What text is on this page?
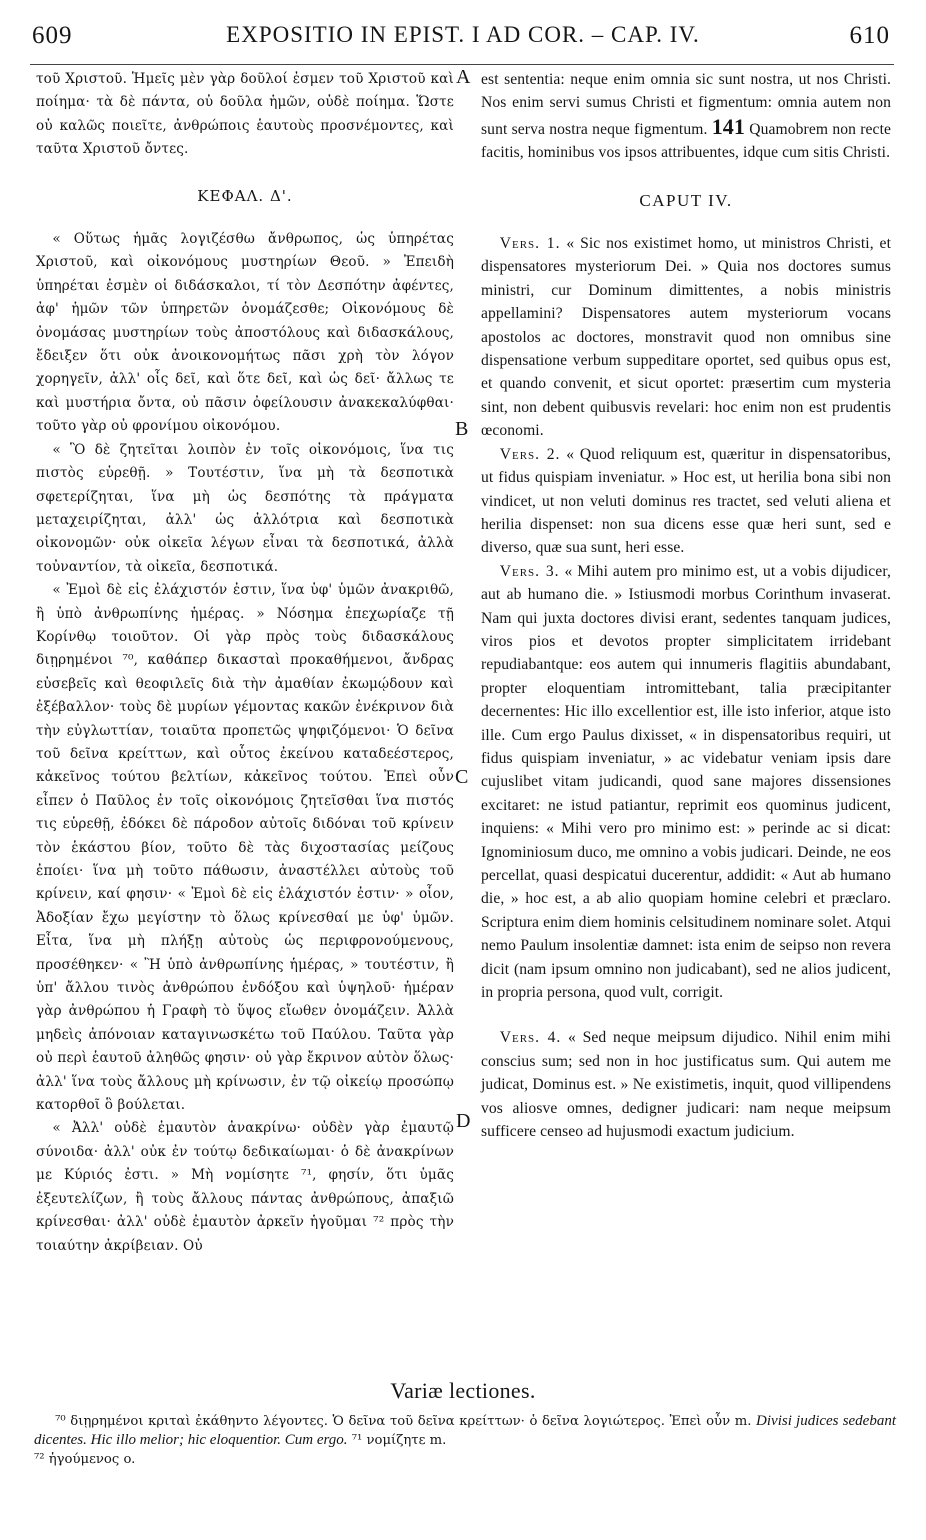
609	EXPOSITIO IN EPIST. I AD COR. – CAP. IV.	610

τοῦ Χριστοῦ. Ἡμεῖς μὲν γὰρ δοῦλοί ἐσμεν τοῦ Χριστοῦ καὶ ποίημα· τὰ δὲ πάντα, οὐ δοῦλα ἡμῶν, οὐδὲ ποίημα. Ὥστε οὐ καλῶς ποιεῖτε, ἀνθρώποις ἑαυτοὺς προσνέμοντες, καὶ ταῦτα Χριστοῦ ὄντες.

ΚΕΦΑΛ. Δ'.

« Οὕτως ἡμᾶς λογιζέσθω ἄνθρωπος, ὡς ὑπηρέτας Χριστοῦ, καὶ οἰκονόμους μυστηρίων Θεοῦ. » Ἐπειδὴ ὑπηρέται ἐσμὲν οἱ διδάσκαλοι, τί τὸν Δεσπότην ἀφέντες, ἀφ' ἡμῶν τῶν ὑπηρετῶν ὀνομάζεσθε; Οἰκονόμους δὲ ὀνομάσας μυστηρίων τοὺς ἀποστόλους καὶ διδασκάλους, ἔδειξεν ὅτι οὐκ ἀνοικονομήτως πᾶσι χρὴ τὸν λόγον χορηγεῖν, ἀλλ' οἷς δεῖ, καὶ ὅτε δεῖ, καὶ ὡς δεῖ· ἄλλως τε καὶ μυστήρια ὄντα, οὐ πᾶσιν ὀφείλουσιν ἀνακεκαλύφθαι· τοῦτο γὰρ οὐ φρονίμου οἰκονόμου.

« Ὃ δὲ ζητεῖται λοιπὸν ἐν τοῖς οἰκονόμοις, ἵνα τις πιστὸς εὑρεθῇ. » Τουτέστιν, ἵνα μὴ τὰ δεσποτικὰ σφετερίζηται, ἵνα μὴ ὡς δεσπότης τὰ πράγματα μεταχειρίζηται, ἀλλ' ὡς ἀλλότρια καὶ δεσποτικὰ οἰκονομῶν· οὐκ οἰκεῖα λέγων εἶναι τὰ δεσποτικά, ἀλλὰ τοὐναντίον, τὰ οἰκεῖα, δεσποτικά.

« Ἐμοὶ δὲ εἰς ἐλάχιστόν ἐστιν, ἵνα ὑφ' ὑμῶν ἀνακριθῶ, ἢ ὑπὸ ἀνθρωπίνης ἡμέρας. » Νόσημα ἐπεχωρίαζε τῇ Κορίνθῳ τοιοῦτον. Οἱ γὰρ πρὸς τοὺς διδασκάλους διῃρημένοι ⁷⁰, καθάπερ δικασταὶ προκαθήμενοι, ἄνδρας εὐσεβεῖς καὶ θεοφιλεῖς διὰ τὴν ἀμαθίαν ἐκωμῴδουν καὶ ἐξέβαλλον· τοὺς δὲ μυρίων γέμοντας κακῶν ἐνέκρινον διὰ τὴν εὐγλωττίαν, τοιαῦτα προπετῶς ψηφιζόμενοι· Ὁ δεῖνα τοῦ δεῖνα κρείττων, καὶ οὗτος ἐκείνου καταδεέστερος, κἀκεῖνος τούτου βελτίων, κἀκεῖνος τούτου. Ἐπεὶ οὖν εἶπεν ὁ Παῦλος ἐν τοῖς οἰκονόμοις ζητεῖσθαι ἵνα πιστός τις εὑρεθῇ, ἐδόκει δὲ πάροδον αὐτοῖς διδόναι τοῦ κρίνειν τὸν ἑκάστου βίον, τοῦτο δὲ τὰς διχοστασίας μείζους ἐποίει· ἵνα μὴ τοῦτο πάθωσιν, ἀναστέλλει αὐτοὺς τοῦ κρίνειν, καί φησιν· « Ἐμοὶ δὲ εἰς ἐλάχιστόν ἐστιν· » οἷον, Ἀδοξίαν ἔχω μεγίστην τὸ ὅλως κρίνεσθαί με ὑφ' ὑμῶν. Εἶτα, ἵνα μὴ πλήξῃ αὐτοὺς ὡς περιφρονούμενους, προσέθηκεν· « Ἢ ὑπὸ ἀνθρωπίνης ἡμέρας, » τουτέστιν, ἢ ὑπ' ἄλλου τινὸς ἀνθρώπου ἐνδόξου καὶ ὑψηλοῦ· ἡμέραν γὰρ ἀνθρώπου ἡ Γραφὴ τὸ ὕψος εἴωθεν ὀνομάζειν. Ἀλλὰ μηδεὶς ἀπόνοιαν καταγινωσκέτω τοῦ Παύλου. Ταῦτα γὰρ οὐ περὶ ἑαυτοῦ ἀληθῶς φησιν· οὐ γὰρ ἔκρινον αὐτὸν ὅλως· ἀλλ' ἵνα τοὺς ἄλλους μὴ κρίνωσιν, ἐν τῷ οἰκείῳ προσώπῳ κατορθοῖ ὃ βούλεται.

« Ἀλλ' οὐδὲ ἐμαυτὸν ἀνακρίνω· οὐδὲν γὰρ ἐμαυτῷ σύνοιδα· ἀλλ' οὐκ ἐν τούτῳ δεδικαίωμαι· ὁ δὲ ἀνακρίνων με Κύριός ἐστι. » Μὴ νομίσητε ⁷¹, φησίν, ὅτι ὑμᾶς ἐξευτελίζων, ἢ τοὺς ἄλλους πάντας ἀνθρώπους, ἀπαξιῶ κρίνεσθαι· ἀλλ' οὐδὲ ἐμαυτὸν ἀρκεῖν ἡγοῦμαι ⁷² πρὸς τὴν τοιαύτην ἀκρίβειαν. Οὐ

A
B
C
D

est sententia: neque enim omnia sic sunt nostra, ut nos Christi. Nos enim servi sumus Christi et figmentum: omnia autem non sunt serva nostra neque figmentum. 141 Quamobrem non recte facitis, hominibus vos ipsos attribuentes, idque cum sitis Christi.

CAPUT IV.

Vers. 1. « Sic nos existimet homo, ut ministros Christi, et dispensatores mysteriorum Dei. » Quia nos doctores sumus ministri, cur Dominum dimittentes, a nobis ministris appellamini? Dispensatores autem mysteriorum vocans apostolos ac doctores, monstravit quod non omnibus sine dispensatione verbum suppeditare oportet, sed quibus opus est, et quando convenit, et sicut oportet: præsertim cum mysteria sint, non debent quibusvis revelari: hoc enim non est prudentis œconomi.

Vers. 2. « Quod reliquum est, quæritur in dispensatoribus, ut fidus quispiam inveniatur. » Hoc est, ut herilia bona sibi non vindicet, ut non veluti dominus res tractet, sed veluti aliena et herilia dispenset: non sua dicens esse quæ heri sunt, sed e diverso, quæ sua sunt, heri esse.

Vers. 3. « Mihi autem pro minimo est, ut a vobis dijudicer, aut ab humano die. » Istiusmodi morbus Corinthum invaserat. Nam qui juxta doctores divisi erant, sedentes tanquam judices, viros pios et devotos propter simplicitatem irridebant repudiabantque: eos autem qui innumeris flagitiis abundabant, propter eloquentiam intromittebant, talia præcipitanter decernentes: Hic illo excellentior est, ille isto inferior, atque isto ille. Cum ergo Paulus dixisset, « in dispensatoribus requiri, ut fidus quispiam inveniatur, » ac videbatur veniam ipsis dare cujuslibet vitam judicandi, quod sane majores dissensiones excitaret: ne istud patiantur, reprimit eos quominus judicent, inquiens: « Mihi vero pro minimo est: » perinde ac si dicat: Ignominiosum duco, me omnino a vobis judicari. Deinde, ne eos percellat, quasi despicatui ducerentur, addidit: « Aut ab humano die, » hoc est, a ab alio quopiam homine celebri et præclaro. Scriptura enim diem hominis celsitudinem nominare solet. Atqui nemo Paulum insolentiæ damnet: ista enim de seipso non revera dicit (nam ipsum omnino non judicabant), sed ne alios judicent, in propria persona, quod vult, corrigit.

Vers. 4. « Sed neque meipsum dijudico. Nihil enim mihi conscius sum; sed non in hoc justificatus sum. Qui autem me judicat, Dominus est. » Ne existimetis, inquit, quod villipendens vos aliosve omnes, dedigner judicari: nam neque meipsum sufficere censeo ad hujusmodi exactum judicium.

Variæ lectiones.

⁷⁰ διῃρημένοι κριταὶ ἐκάθηντο λέγοντες. Ὁ δεῖνα τοῦ δεῖνα κρείττων· ὁ δεῖνα λογιώτερος. Ἐπεὶ οὖν m. Divisi judices sedebant dicentes. Hic illo melior; hic eloquentior. Cum ergo. ⁷¹ νομίζητε m.

⁷² ἡγούμενος o.
